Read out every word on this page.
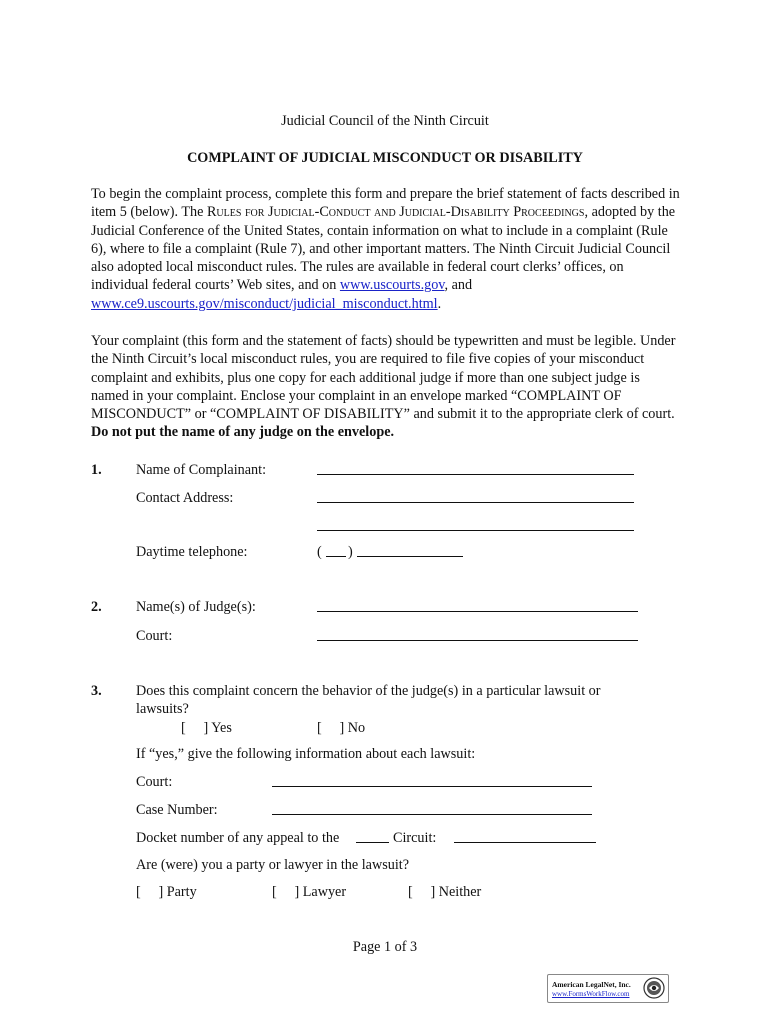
Judicial Council of the Ninth Circuit
COMPLAINT OF JUDICIAL MISCONDUCT OR DISABILITY
To begin the complaint process, complete this form and prepare the brief statement of facts described in item 5 (below). The Rules for Judicial-Conduct and Judicial-Disability Proceedings, adopted by the Judicial Conference of the United States, contain information on what to include in a complaint (Rule 6), where to file a complaint (Rule 7), and other important matters. The Ninth Circuit Judicial Council also adopted local misconduct rules. The rules are available in federal court clerks’ offices, on individual federal courts’ Web sites, and on www.uscourts.gov, and www.ce9.uscourts.gov/misconduct/judicial_misconduct.html.
Your complaint (this form and the statement of facts) should be typewritten and must be legible. Under the Ninth Circuit’s local misconduct rules, you are required to file five copies of your misconduct complaint and exhibits, plus one copy for each additional judge if more than one subject judge is named in your complaint. Enclose your complaint in an envelope marked “COMPLAINT OF MISCONDUCT” or “COMPLAINT OF DISABILITY” and submit it to the appropriate clerk of court. Do not put the name of any judge on the envelope.
1. Name of Complainant:
Contact Address:
Daytime telephone:	( )
2. Name(s) of Judge(s):
Court:
3. Does this complaint concern the behavior of the judge(s) in a particular lawsuit or
lawsuits?
[     ] Yes	[     ] No
If “yes,” give the following information about each lawsuit:
Court:
Case Number:
Docket number of any appeal to the	Circuit:
Are (were) you a party or lawyer in the lawsuit?
[     ] Party	[     ] Lawyer	[     ] Neither
Page 1 of 3
American LegalNet, Inc.
www.FormsWorkFlow.com
